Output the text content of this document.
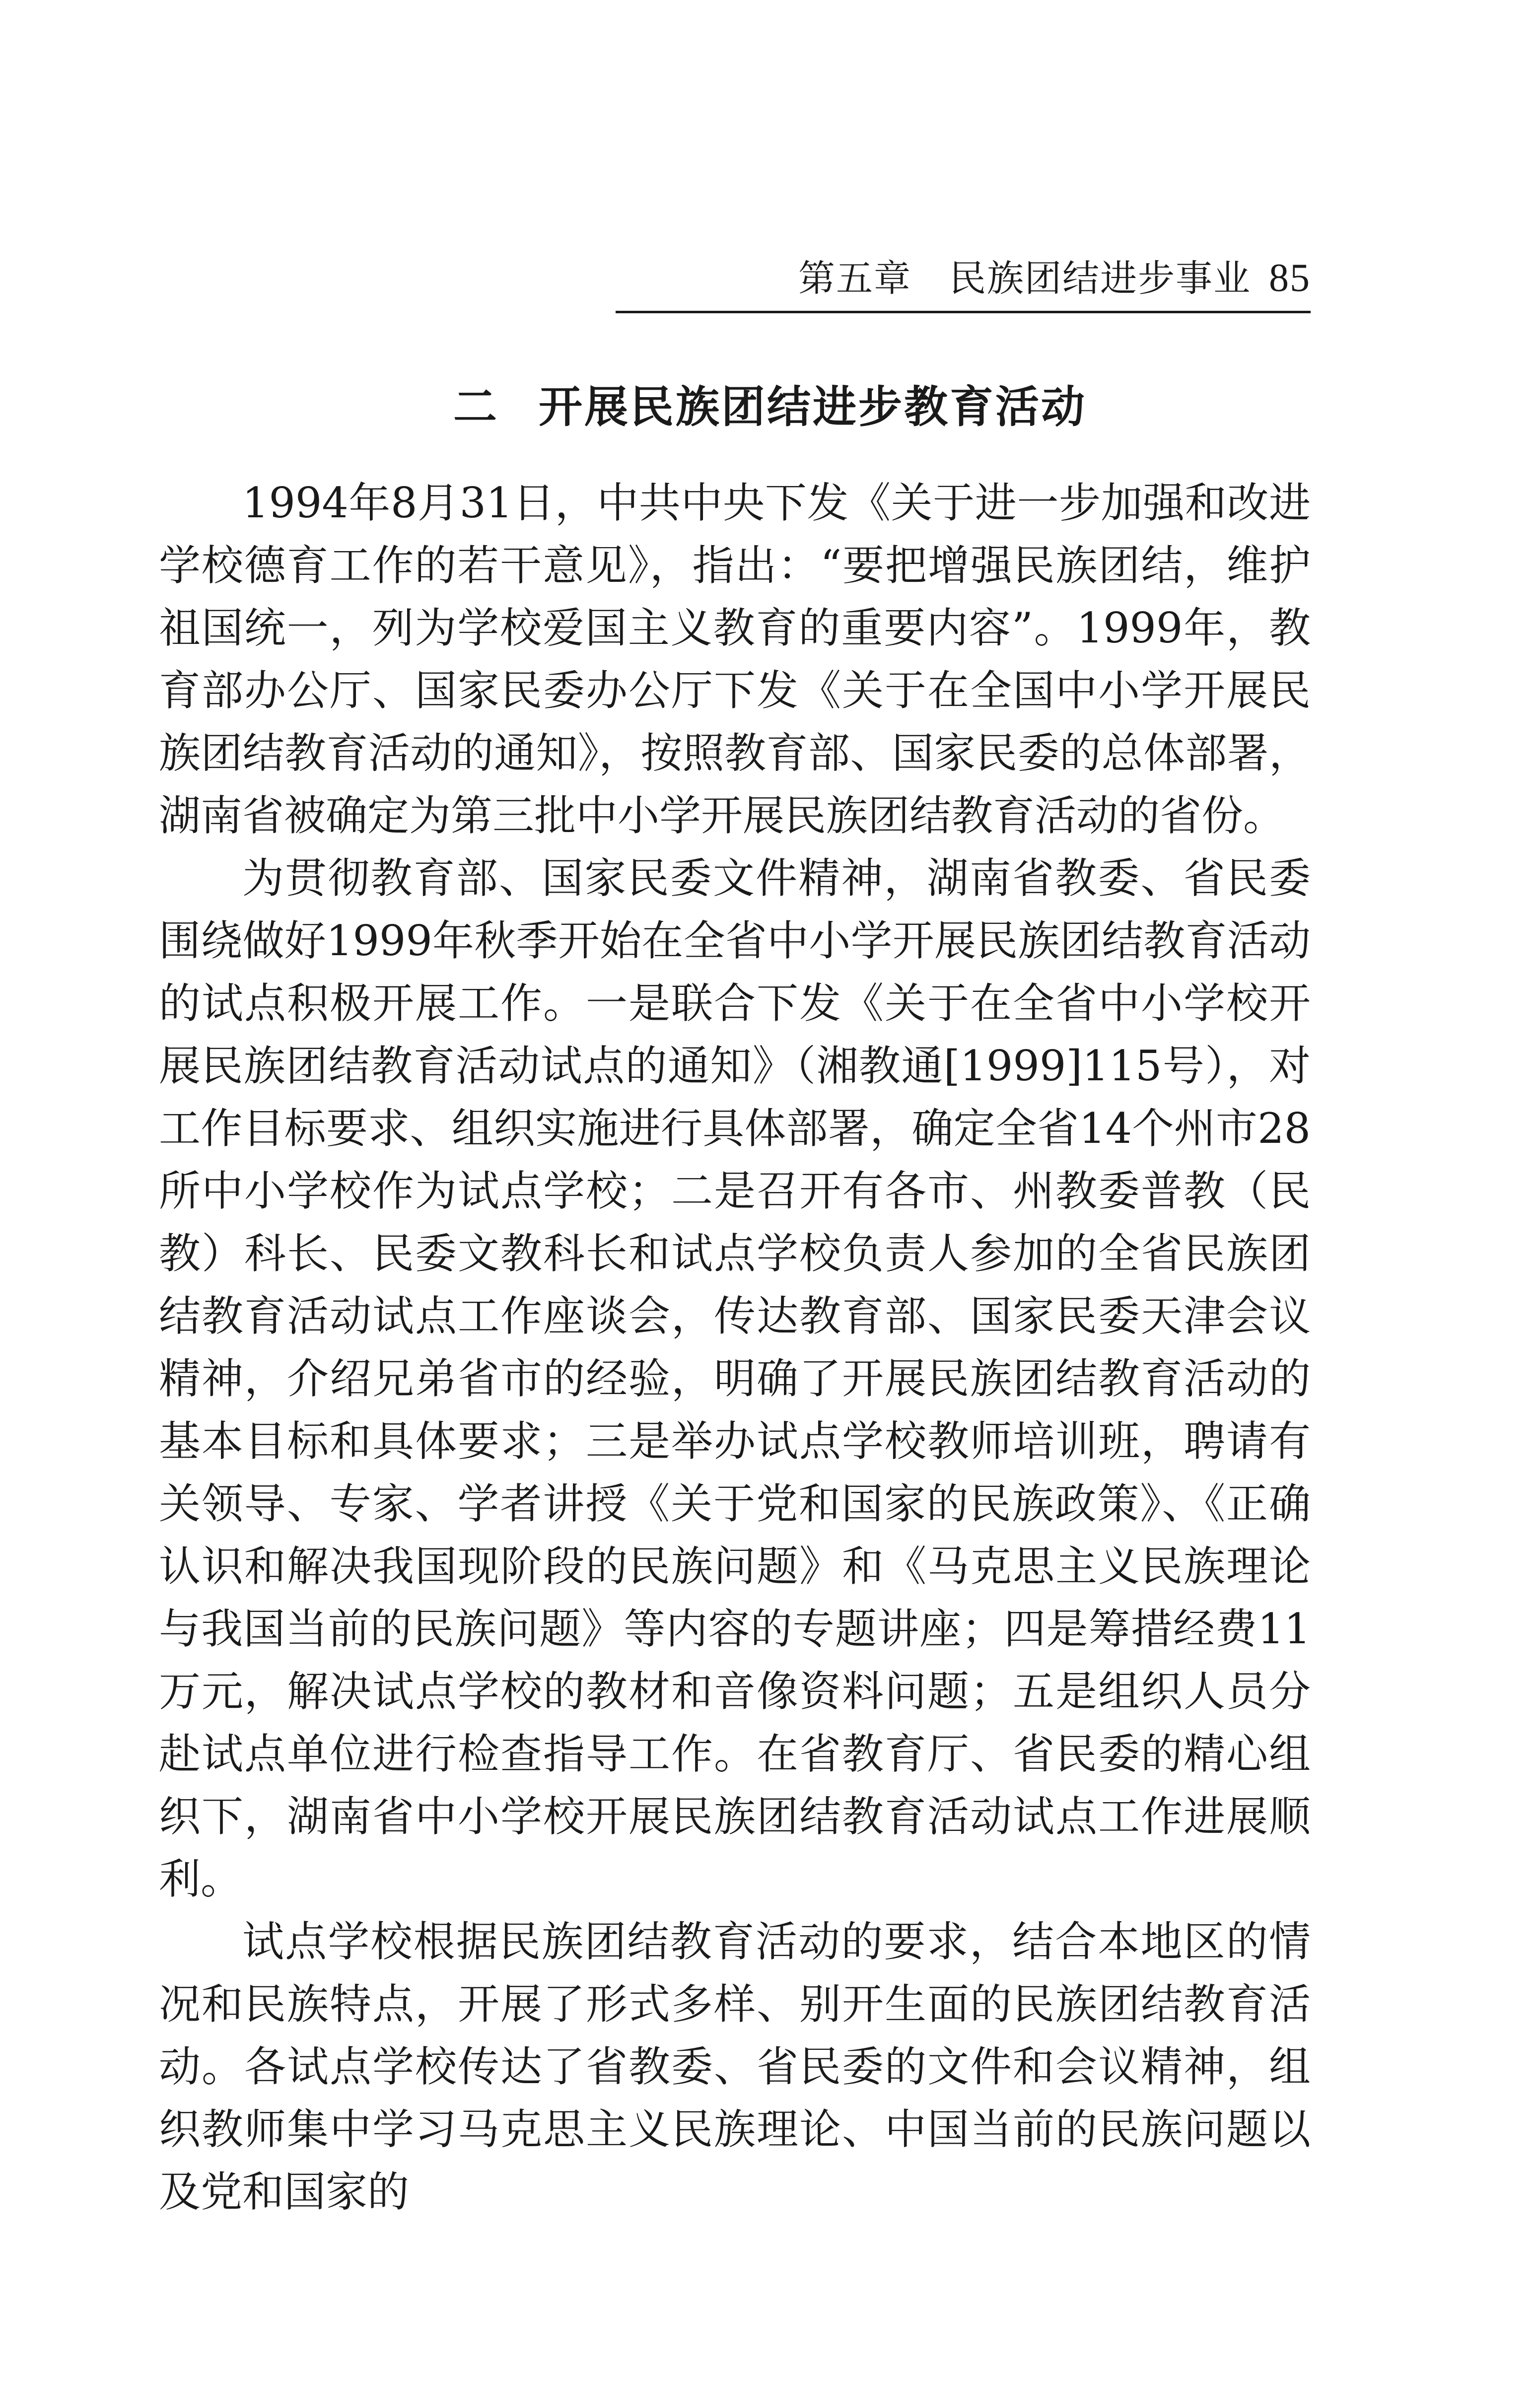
第五章　民族团结进步事业 85
二 开展民族团结进步教育活动

1994年8月31日，中共中央下发《关于进一步加强和改进学校德育工作的若干意见》，指出：“要把增强民族团结，维护祖国统一，列为学校爱国主义教育的重要内容”。1999年，教育部办公厅、国家民委办公厅下发《关于在全国中小学开展民族团结教育活动的通知》，按照教育部、国家民委的总体部署，湖南省被确定为第三批中小学开展民族团结教育活动的省份。

为贯彻教育部、国家民委文件精神，湖南省教委、省民委围绕做好1999年秋季开始在全省中小学开展民族团结教育活动的试点积极开展工作。一是联合下发《关于在全省中小学校开展民族团结教育活动试点的通知》（湘教通[1999]115号），对工作目标要求、组织实施进行具体部署，确定全省14个州市28所中小学校作为试点学校；二是召开有各市、州教委普教（民教）科长、民委文教科长和试点学校负责人参加的全省民族团结教育活动试点工作座谈会，传达教育部、国家民委天津会议精神，介绍兄弟省市的经验，明确了开展民族团结教育活动的基本目标和具体要求；三是举办试点学校教师培训班，聘请有关领导、专家、学者讲授《关于党和国家的民族政策》、《正确认识和解决我国现阶段的民族问题》和《马克思主义民族理论与我国当前的民族问题》等内容的专题讲座；四是筹措经费11万元，解决试点学校的教材和音像资料问题；五是组织人员分赴试点单位进行检查指导工作。在省教育厅、省民委的精心组织下，湖南省中小学校开展民族团结教育活动试点工作进展顺利。

试点学校根据民族团结教育活动的要求，结合本地区的情况和民族特点，开展了形式多样、别开生面的民族团结教育活动。各试点学校传达了省教委、省民委的文件和会议精神，组织教师集中学习马克思主义民族理论、中国当前的民族问题以及党和国家的
